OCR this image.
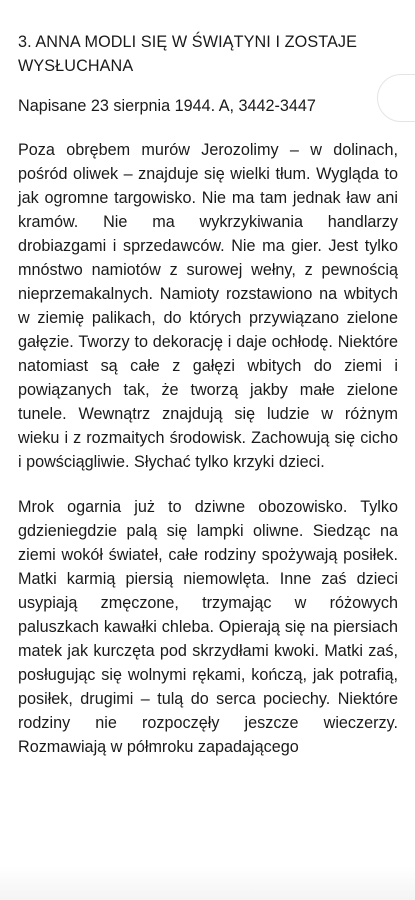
3. ANNA MODLI SIĘ W ŚWIĄTYNI I ZOSTAJE WYSŁUCHANA

Napisane 23 sierpnia 1944. A, 3442-3447

Poza obrębem murów Jerozolimy – w dolinach, pośród oliwek – znajduje się wielki tłum. Wygląda to jak ogromne targowisko. Nie ma tam jednak ław ani kramów. Nie ma wykrzykiwania handlarzy drobiazgami i sprzedawców. Nie ma gier. Jest tylko mnóstwo namiotów z surowej wełny, z pewnością nieprzemakalnych. Namioty rozstawiono na wbitych w ziemię palikach, do których przywiązano zielone gałęzie. Tworzy to dekorację i daje ochłodę. Niektóre natomiast są całe z gałęzi wbitych do ziemi i powiązanych tak, że tworzą jakby małe zielone tunele. Wewnątrz znajdują się ludzie w różnym wieku i z rozmaitych środowisk. Zachowują się cicho i powściągliwie. Słychać tylko krzyki dzieci.

Mrok ogarnia już to dziwne obozowisko. Tylko gdzieniegdzie palą się lampki oliwne. Siedząc na ziemi wokół świateł, całe rodziny spożywają posiłek. Matki karmią piersią niemowlęta. Inne zaś dzieci usypiają zmęczone, trzymając w różowych paluszkach kawałki chleba. Opierają się na piersiach matek jak kurczęta pod skrzydłami kwoki. Matki zaś, posługując się wolnymi rękami, kończą, jak potrafią, posiłek, drugimi – tulą do serca pociechy. Niektóre rodziny nie rozpoczęły jeszcze wieczerzy. Rozmawiają w półmroku zapadającego
